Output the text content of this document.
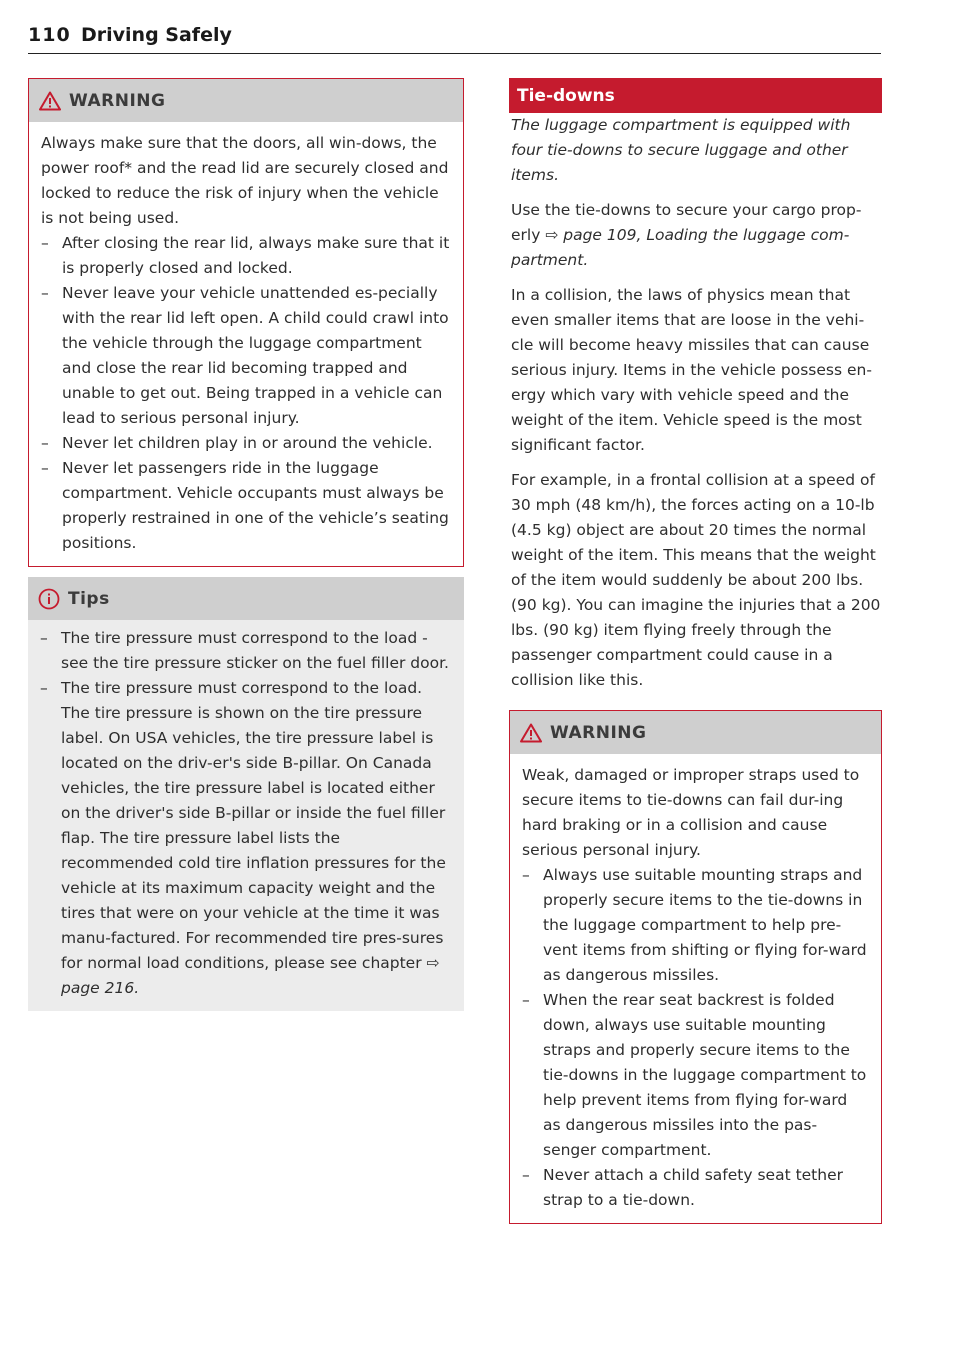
110 Driving Safely
WARNING

Always make sure that the doors, all win-dows, the power roof* and the read lid are securely closed and locked to reduce the risk of injury when the vehicle is not being used.

– After closing the rear lid, always make sure that it is properly closed and locked.
– Never leave your vehicle unattended es-pecially with the rear lid left open. A child could crawl into the vehicle through the luggage compartment and close the rear lid becoming trapped and unable to get out. Being trapped in a vehicle can lead to serious personal injury.
– Never let children play in or around the vehicle.
– Never let passengers ride in the luggage compartment. Vehicle occupants must always be properly restrained in one of the vehicle’s seating positions.
Tips
– The tire pressure must correspond to the load - see the tire pressure sticker on the fuel filler door.
– The tire pressure must correspond to the load. The tire pressure is shown on the tire pressure label. On USA vehicles, the tire pressure label is located on the driv-er's side B-pillar. On Canada vehicles, the tire pressure label is located either on the driver's side B-pillar or inside the fuel filler flap. The tire pressure label lists the recommended cold tire inflation pressures for the vehicle at its maximum capacity weight and the tires that were on your vehicle at the time it was manu-factured. For recommended tire pres-sures for normal load conditions, please see chapter ⇨ page 216.
Tie-downs

The luggage compartment is equipped with four tie-downs to secure luggage and other items.

Use the tie-downs to secure your cargo prop-erly ⇨ page 109, Loading the luggage com-partment.

In a collision, the laws of physics mean that even smaller items that are loose in the vehi-cle will become heavy missiles that can cause serious injury. Items in the vehicle possess en-ergy which vary with vehicle speed and the weight of the item. Vehicle speed is the most significant factor.

For example, in a frontal collision at a speed of 30 mph (48 km/h), the forces acting on a 10-lb (4.5 kg) object are about 20 times the normal weight of the item. This means that the weight of the item would suddenly be about 200 lbs. (90 kg). You can imagine the injuries that a 200 lbs. (90 kg) item flying freely through the passenger compartment could cause in a collision like this.

WARNING

Weak, damaged or improper straps used to secure items to tie-downs can fail dur-ing hard braking or in a collision and cause serious personal injury.

– Always use suitable mounting straps and properly secure items to the tie-downs in the luggage compartment to help pre-vent items from shifting or flying for-ward as dangerous missiles.
– When the rear seat backrest is folded down, always use suitable mounting straps and properly secure items to the tie-downs in the luggage compartment to help prevent items from flying for-ward as dangerous missiles into the pas-senger compartment.
– Never attach a child safety seat tether strap to a tie-down.
